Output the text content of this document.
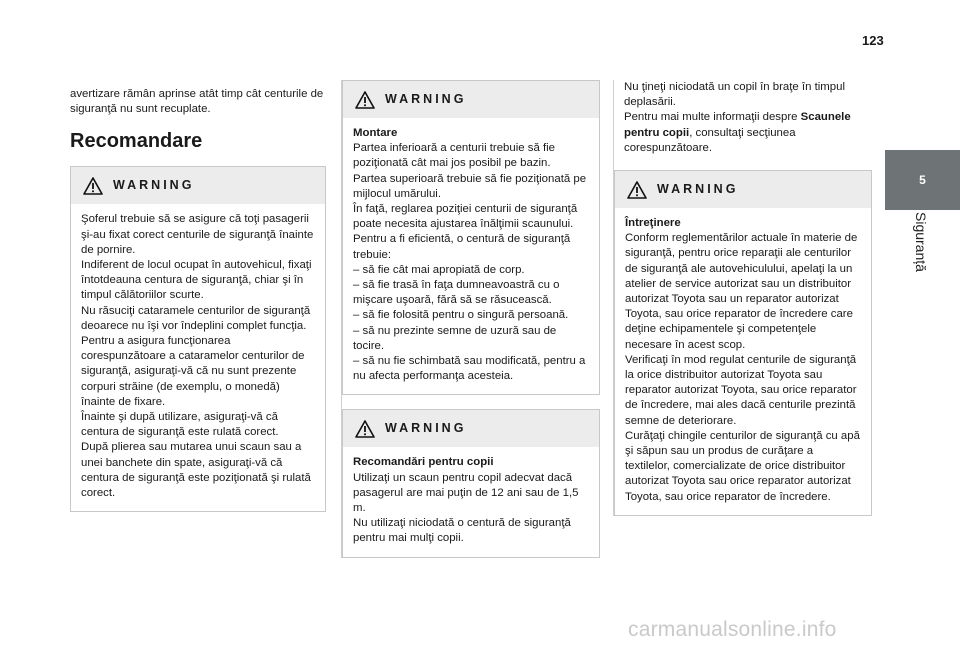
123

avertizare rămân aprinse atât timp cât centurile de siguranţă nu sunt recuplate.

Recomandare
WARNING

Şoferul trebuie să se asigure că toţi pasagerii şi-au fixat corect centurile de siguranţă înainte de pornire.
Indiferent de locul ocupat în autovehicul, fixaţi întotdeauna centura de siguranţă, chiar şi în timpul călătoriilor scurte.
Nu răsuciţi cataramele centurilor de siguranţă deoarece nu îşi vor îndeplini complet funcţia.
Pentru a asigura funcţionarea corespunzătoare a cataramelor centurilor de siguranţă, asiguraţi-vă că nu sunt prezente corpuri străine (de exemplu, o monedă) înainte de fixare.
Înainte şi după utilizare, asiguraţi-vă că centura de siguranţă este rulată corect.
După plierea sau mutarea unui scaun sau a unei banchete din spate, asiguraţi-vă că centura de siguranţă este poziţionată şi rulată corect.

WARNING

Montare

Partea inferioară a centurii trebuie să fie poziţionată cât mai jos posibil pe bazin.
Partea superioară trebuie să fie poziţionată pe mijlocul umărului.
În faţă, reglarea poziţiei centurii de siguranţă poate necesita ajustarea înălţimii scaunului.
Pentru a fi eficientă, o centură de siguranţă trebuie:
– să fie cât mai apropiată de corp.
– să fie trasă în faţa dumneavoastră cu o mişcare uşoară, fără să se răsucească.
– să fie folosită pentru o singură persoană.
– să nu prezinte semne de uzură sau de tocire.
– să nu fie schimbată sau modificată, pentru a nu afecta performanţa acesteia.

WARNING

Recomandări pentru copii

Utilizaţi un scaun pentru copil adecvat dacă pasagerul are mai puţin de 12 ani sau de 1,5 m.
Nu utilizaţi niciodată o centură de siguranţă pentru mai mulţi copii.

Nu ţineţi niciodată un copil în braţe în timpul deplasării.
Pentru mai multe informaţii despre Scaunele pentru copii, consultaţi secţiunea corespunzătoare.

WARNING

Întreţinere

Conform reglementărilor actuale în materie de siguranţă, pentru orice reparaţii ale centurilor de siguranţă ale autovehiculului, apelaţi la un atelier de service autorizat sau un distribuitor autorizat Toyota sau un reparator autorizat Toyota, sau orice reparator de încredere care deţine echipamentele şi competenţele necesare în acest scop.
Verificaţi în mod regulat centurile de siguranţă la orice distribuitor autorizat Toyota sau reparator autorizat Toyota, sau orice reparator de încredere, mai ales dacă centurile prezintă semne de deteriorare.
Curăţaţi chingile centurilor de siguranţă cu apă şi săpun sau un produs de curăţare a textilelor, comercializate de orice distribuitor autorizat Toyota sau orice reparator autorizat Toyota, sau orice reparator de încredere.

5
Siguranță
carmanualsonline.info
